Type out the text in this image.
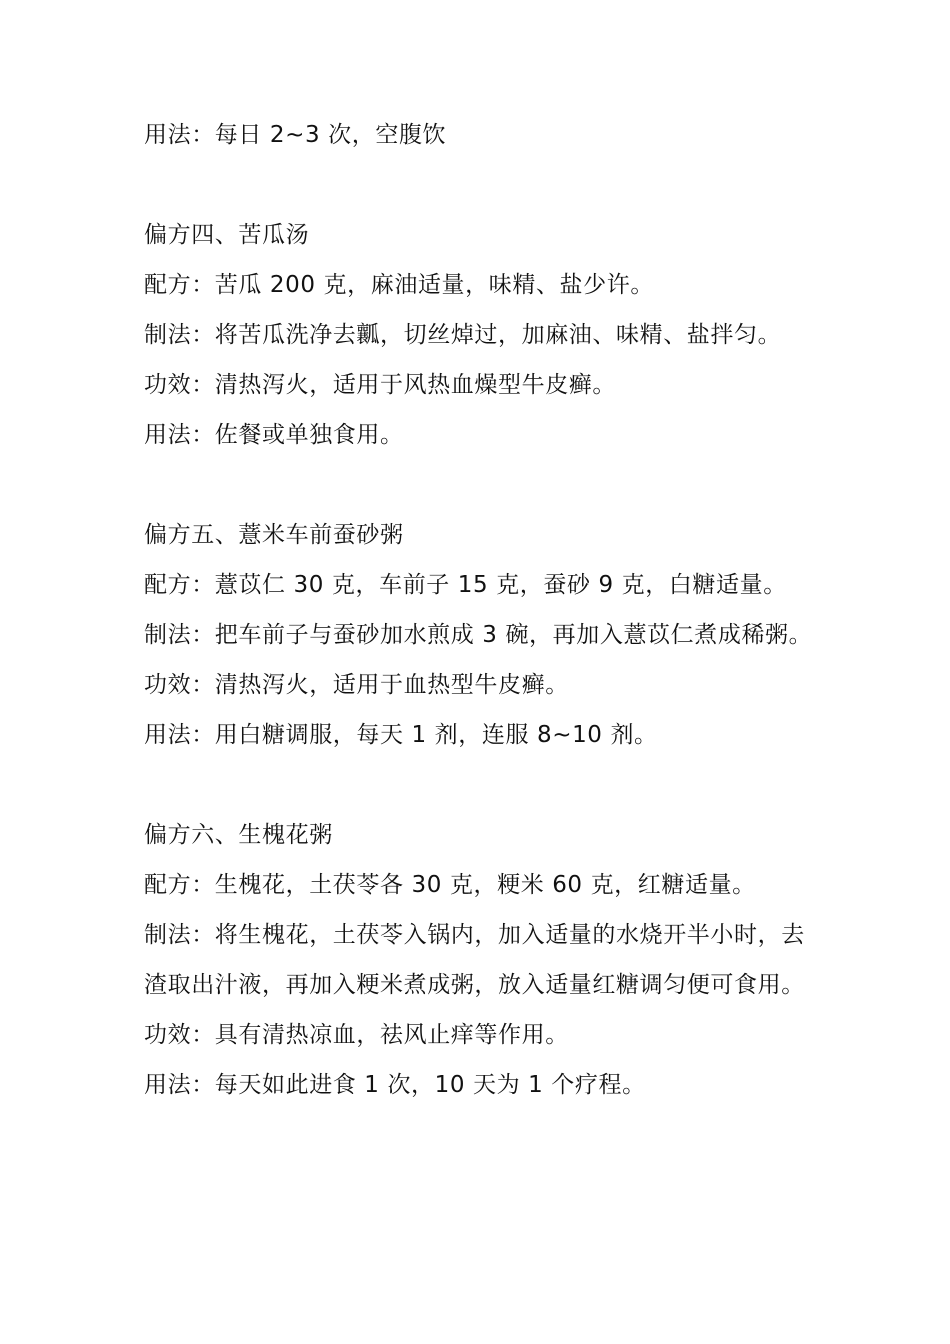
用法：每日 2~3 次，空腹饮

偏方四、苦瓜汤

配方：苦瓜 200 克，麻油适量，味精、盐少许。

制法：将苦瓜洗净去瓤，切丝焯过，加麻油、味精、盐拌匀。

功效：清热泻火，适用于风热血燥型牛皮癣。

用法：佐餐或单独食用。

偏方五、薏米车前蚕砂粥

配方：薏苡仁 30 克，车前子 15 克，蚕砂 9 克，白糖适量。

制法：把车前子与蚕砂加水煎成 3 碗，再加入薏苡仁煮成稀粥。

功效：清热泻火，适用于血热型牛皮癣。

用法：用白糖调服，每天 1 剂，连服 8~10 剂。

偏方六、生槐花粥

配方：生槐花，土茯苓各 30 克，粳米 60 克，红糖适量。

制法：将生槐花，土茯苓入锅内，加入适量的水烧开半小时，去渣取出汁液，再加入粳米煮成粥，放入适量红糖调匀便可食用。

功效：具有清热凉血，祛风止痒等作用。

用法：每天如此进食 1 次，10 天为 1 个疗程。
